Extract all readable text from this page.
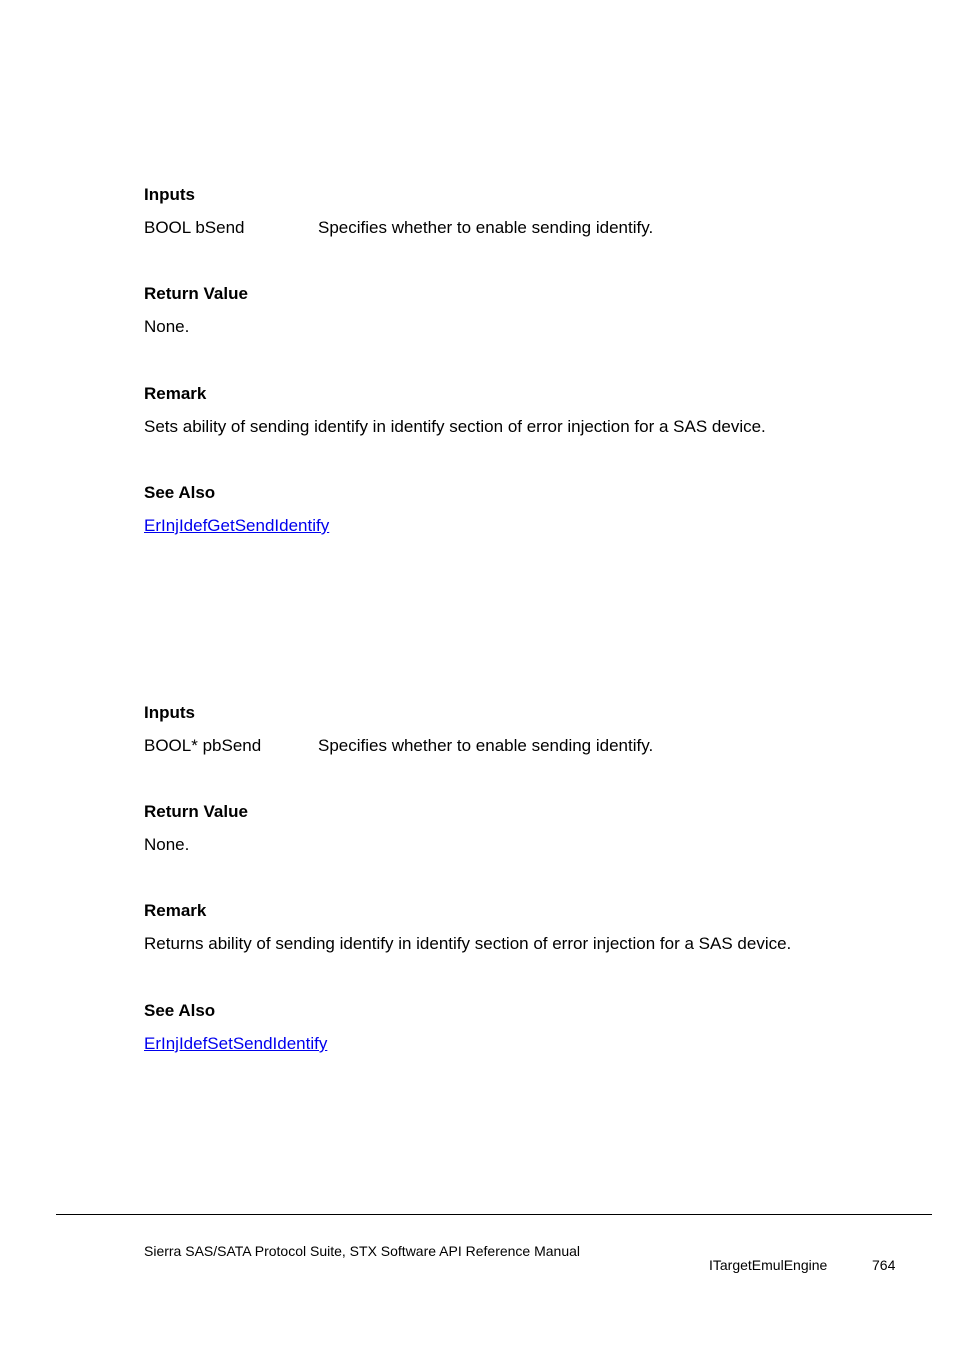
Inputs
BOOL bSend	Specifies whether to enable sending identify.
Return Value
None.
Remark
Sets ability of sending identify in identify section of error injection for a SAS device.
See Also
ErInjIdefGetSendIdentify
Inputs
BOOL* pbSend	Specifies whether to enable sending identify.
Return Value
None.
Remark
Returns ability of sending identify in identify section of error injection for a SAS device.
See Also
ErInjIdefSetSendIdentify
Sierra SAS/SATA Protocol Suite, STX Software API Reference Manual
ITargetEmulEngine	764
